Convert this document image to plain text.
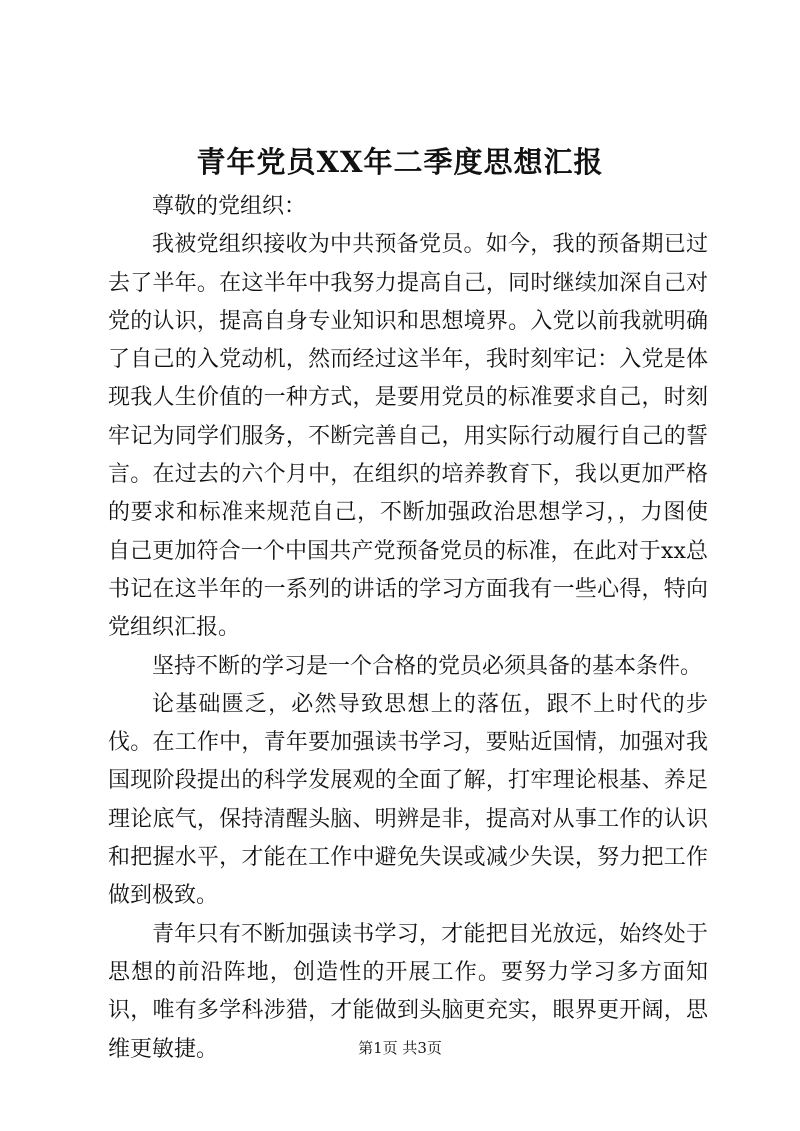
青年党员XX年二季度思想汇报

尊敬的党组织：

我被党组织接收为中共预备党员。如今，我的预备期已过去了半年。在这半年中我努力提高自己，同时继续加深自己对党的认识，提高自身专业知识和思想境界。入党以前我就明确了自己的入党动机，然而经过这半年，我时刻牢记：入党是体现我人生价值的一种方式，是要用党员的标准要求自己，时刻牢记为同学们服务，不断完善自己，用实际行动履行自己的誓言。在过去的六个月中，在组织的培养教育下，我以更加严格的要求和标准来规范自己，不断加强政治思想学习，，力图使自己更加符合一个中国共产党预备党员的标准，在此对于xx总书记在这半年的一系列的讲话的学习方面我有一些心得，特向党组织汇报。

坚持不断的学习是一个合格的党员必须具备的基本条件。

论基础匮乏，必然导致思想上的落伍，跟不上时代的步伐。在工作中，青年要加强读书学习，要贴近国情，加强对我国现阶段提出的科学发展观的全面了解，打牢理论根基、养足理论底气，保持清醒头脑、明辨是非，提高对从事工作的认识和把握水平，才能在工作中避免失误或减少失误，努力把工作做到极致。

青年只有不断加强读书学习，才能把目光放远，始终处于思想的前沿阵地，创造性的开展工作。要努力学习多方面知识，唯有多学科涉猎，才能做到头脑更充实，眼界更开阔，思维更敏捷。	第1页 共3页
